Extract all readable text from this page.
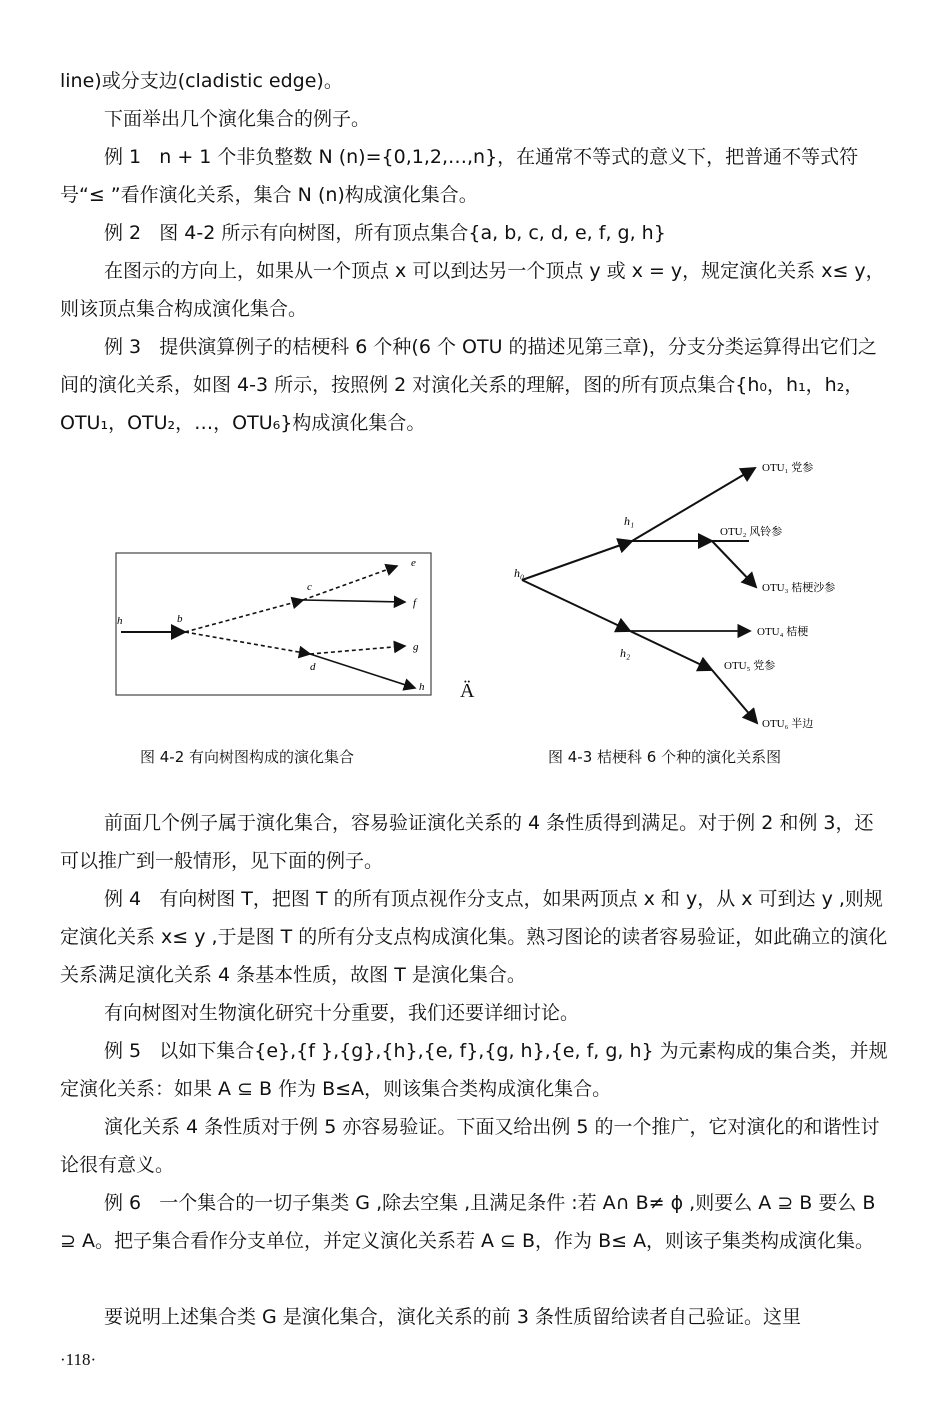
line)或分支边(cladistic edge)。

下面举出几个演化集合的例子。

例 1 n + 1 个非负整数 N (n)={0,1,2,…,n}，在通常不等式的意义下，把普通不等式符号“≤ ”看作演化关系，集合 N (n)构成演化集合。

例 2 图 4-2 所示有向树图，所有顶点集合{a, b, c, d, e, f, g, h}

在图示的方向上，如果从一个顶点 x 可以到达另一个顶点 y 或 x = y，规定演化关系 x≤ y，则该顶点集合构成演化集合。

例 3 提供演算例子的桔梗科 6 个种(6 个 OTU 的描述见第三章)，分支分类运算得出它们之间的演化关系，如图 4-3 所示，按照例 2 对演化关系的理解，图的所有顶点集合{h₀，h₁，h₂，OTU₁，OTU₂，…，OTU₆}构成演化集合。

h	b
c
e
f
d
g
h Ä
h₀
h₁
h₂
OTU₁ 党参
OTU₂ 风铃参
OTU₃ 桔梗沙参
OTU₄ 桔梗
OTU₅ 党参
OTU₆ 半边
图 4-2 有向树图构成的演化集合	图 4-3 桔梗科 6 个种的演化关系图

前面几个例子属于演化集合，容易验证演化关系的 4 条性质得到满足。对于例 2 和例 3，还可以推广到一般情形，见下面的例子。

例 4 有向树图 T，把图 T 的所有顶点视作分支点，如果两顶点 x 和 y，从 x 可到达 y ,则规定演化关系 x≤ y ,于是图 T 的所有分支点构成演化集。熟习图论的读者容易验证，如此确立的演化关系满足演化关系 4 条基本性质，故图 T 是演化集合。

有向树图对生物演化研究十分重要，我们还要详细讨论。

例 5 以如下集合{e},{f },{g},{h},{e, f},{g, h},{e, f, g, h} 为元素构成的集合类，并规定演化关系：如果 A ⊆ B 作为 B≤A，则该集合类构成演化集合。

演化关系 4 条性质对于例 5 亦容易验证。下面又给出例 5 的一个推广，它对演化的和谐性讨论很有意义。

例 6 一个集合的一切子集类 G ,除去空集 ,且满足条件 :若 A∩ B≠ ϕ ,则要么 A ⊇ B 要么 B ⊇ A。把子集合看作分支单位，并定义演化关系若 A ⊆ B，作为 B≤ A，则该子集类构成演化集。

要说明上述集合类 G 是演化集合，演化关系的前 3 条性质留给读者自己验证。这里

·118·
